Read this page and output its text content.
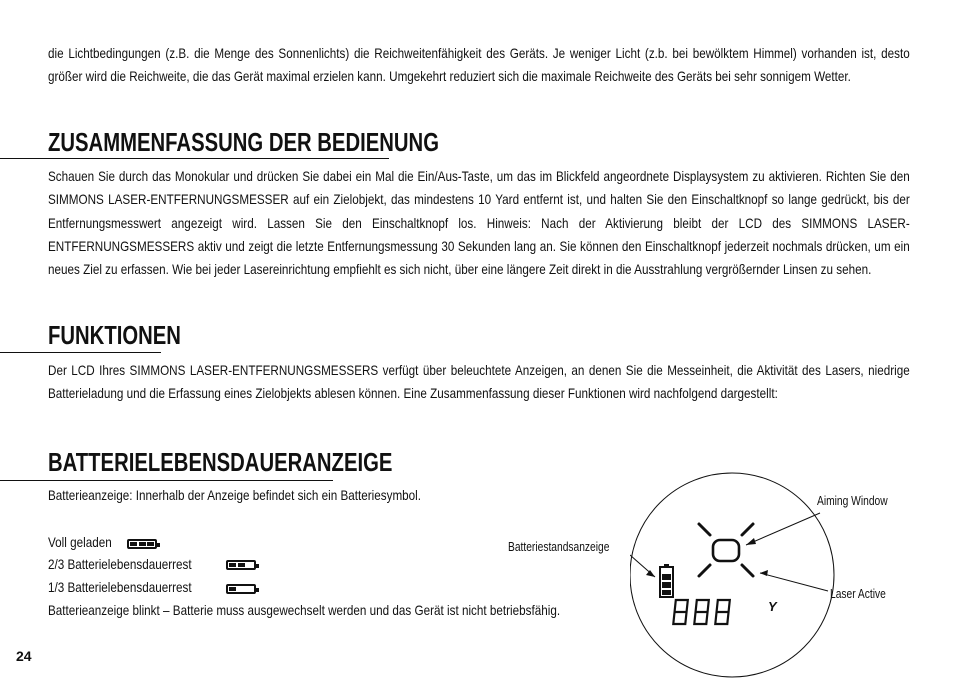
die Lichtbedingungen (z.B. die Menge des Sonnenlichts) die Reichweitenfähigkeit des Geräts. Je weniger Licht (z.b. bei bewölktem Himmel) vorhanden ist, desto größer wird die Reichweite, die das Gerät maximal erzielen kann. Umgekehrt reduziert sich die maximale Reichweite des Geräts bei sehr sonnigem Wetter.
ZUSAMMENFASSUNG DER BEDIENUNG
Schauen Sie durch das Monokular und drücken Sie dabei ein Mal die Ein/Aus-Taste, um das im Blickfeld angeordnete Displaysystem zu aktivieren. Richten Sie den SIMMONS LASER-ENTFERNUNGSMESSER auf ein Zielobjekt, das mindestens 10 Yard entfernt ist, und halten Sie den Einschaltknopf so lange gedrückt, bis der Entfernungsmesswert angezeigt wird. Lassen Sie den Einschaltknopf los. Hinweis: Nach der Aktivierung bleibt der LCD des SIMMONS LASER-ENTFERNUNGSMESSERS aktiv und zeigt die letzte Entfernungsmessung 30 Sekunden lang an. Sie können den Einschaltknopf jederzeit nochmals drücken, um ein neues Ziel zu erfassen. Wie bei jeder Lasereinrichtung empfiehlt es sich nicht, über eine längere Zeit direkt in die Ausstrahlung vergrößernder Linsen zu sehen.
FUNKTIONEN
Der LCD Ihres SIMMONS LASER-ENTFERNUNGSMESSERS verfügt über beleuchtete Anzeigen, an denen Sie die Messeinheit, die Aktivität des Lasers, niedrige Batterieladung und die Erfassung eines Zielobjekts ablesen können. Eine Zusammenfassung dieser Funktionen wird nachfolgend dargestellt:
BATTERIELEBENSDAUERANZEIGE
Batterieanzeige: Innerhalb der Anzeige befindet sich ein Batteriesymbol.
Voll geladen
2/3 Batterielebensdauerrest
1/3 Batterielebensdauerrest
Batterieanzeige blinkt – Batterie muss ausgewechselt werden und das Gerät ist nicht betriebsfähig.	Y
Batteriestandsanzeige
Aiming Window
Laser Active
24
